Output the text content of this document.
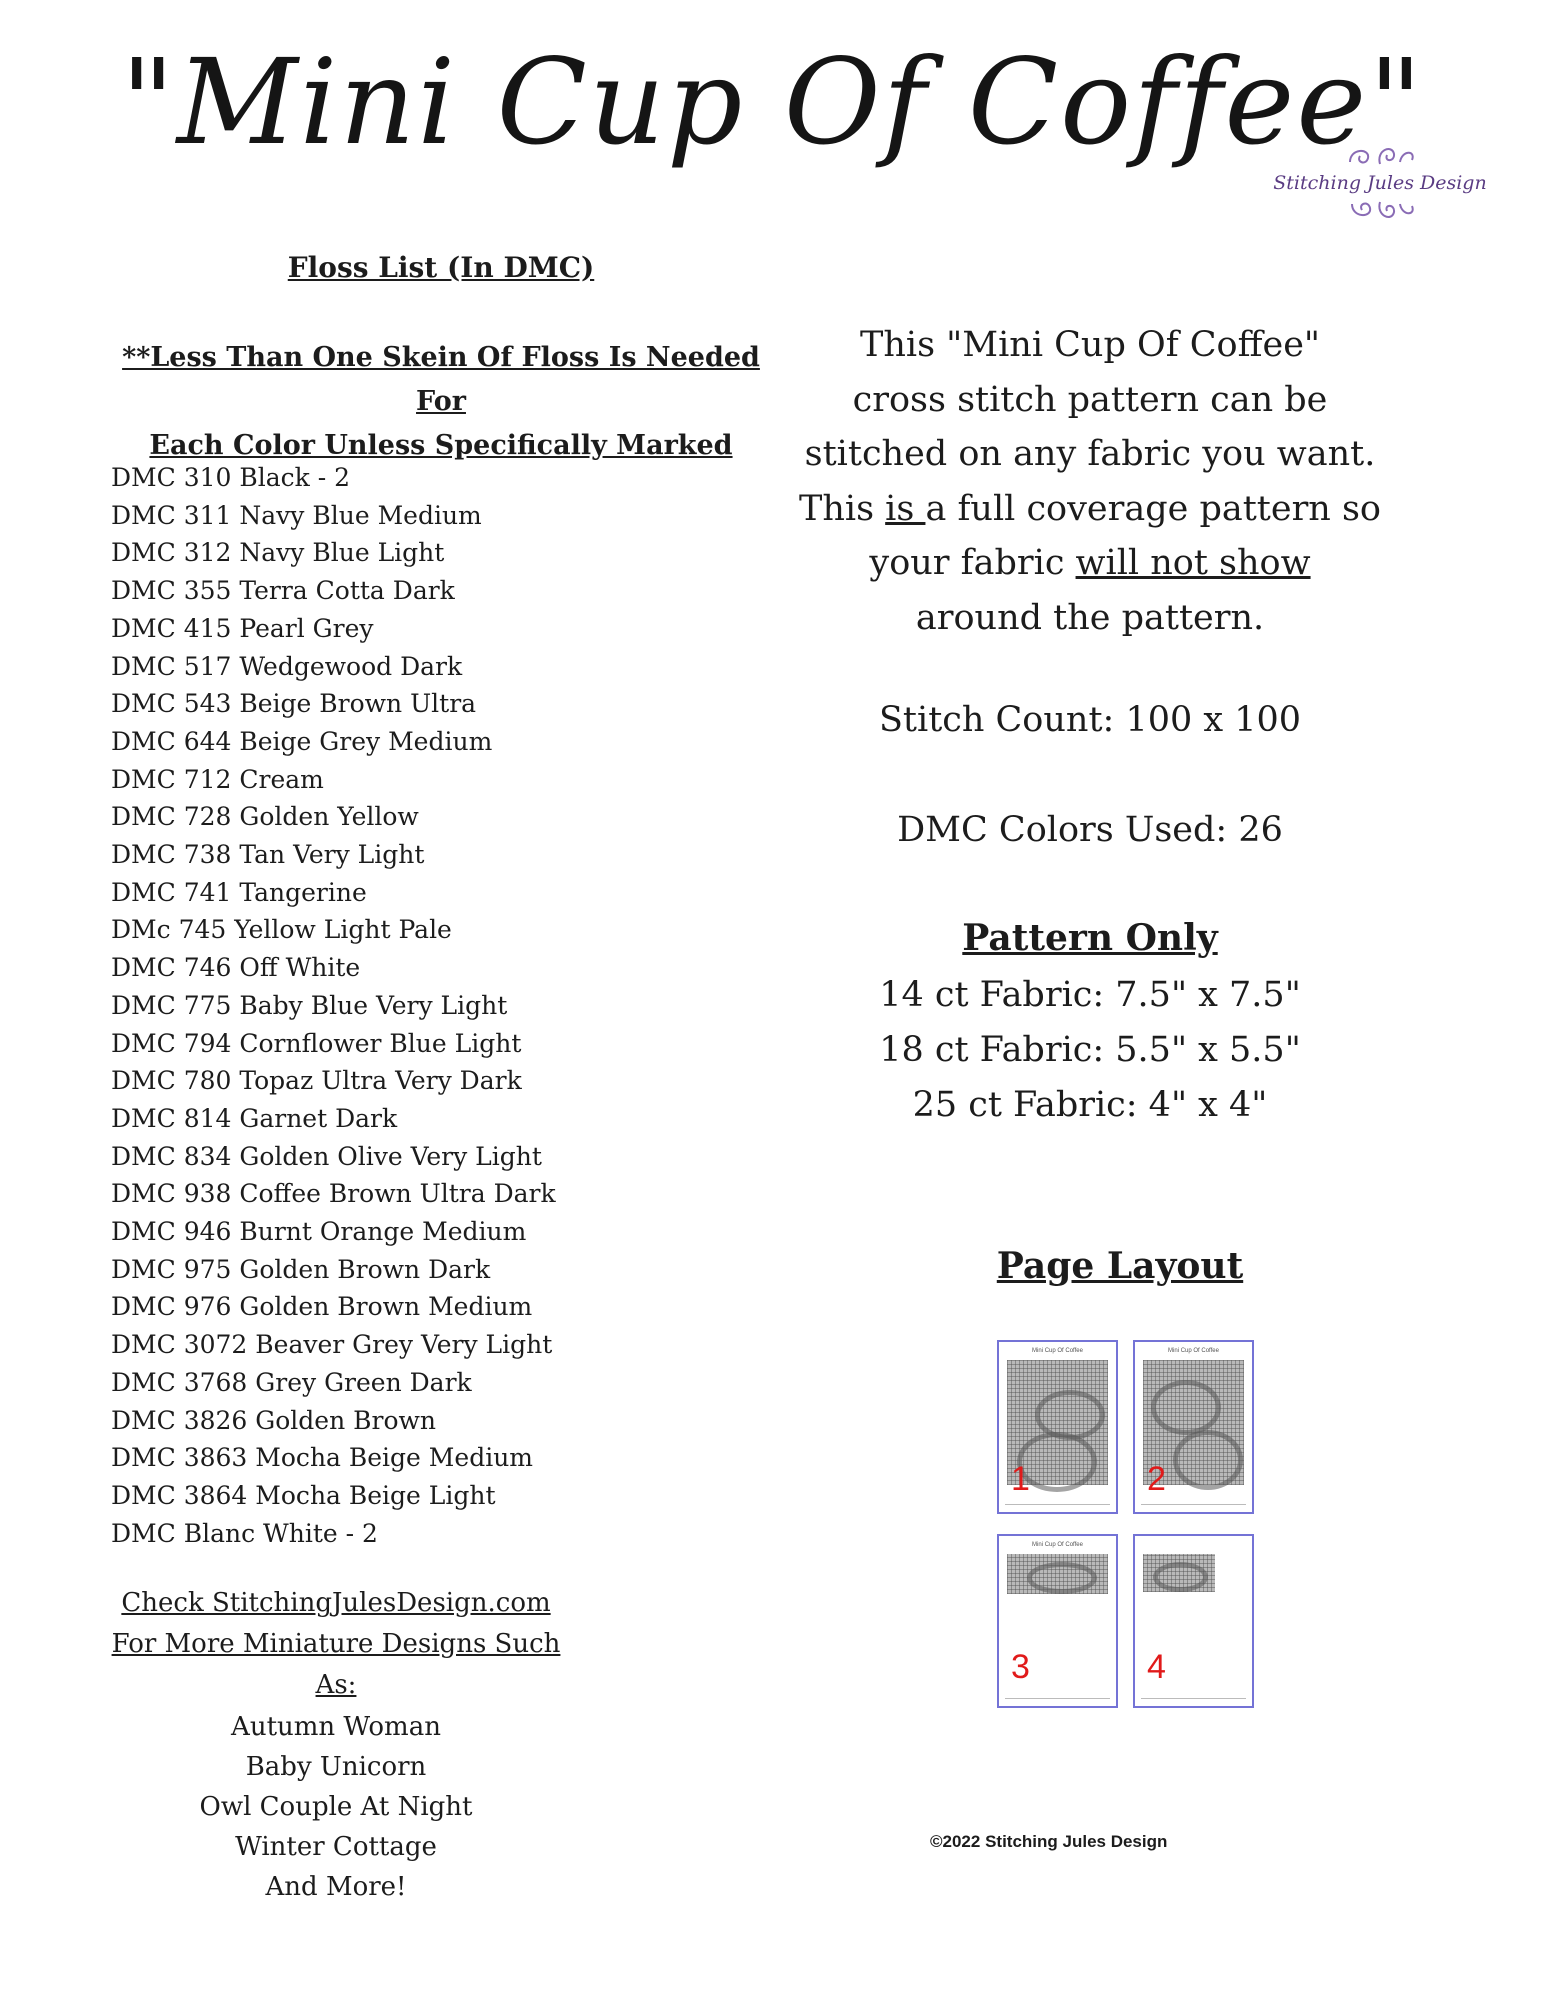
"Mini Cup Of Coffee"
Stitching Jules Design
Floss List (In DMC)
**Less Than One Skein Of Floss Is Needed For
Each Color Unless Specifically Marked
DMC 310 Black - 2
DMC 311 Navy Blue Medium
DMC 312 Navy Blue Light
DMC 355 Terra Cotta Dark
DMC 415 Pearl Grey
DMC 517 Wedgewood Dark
DMC 543 Beige Brown Ultra
DMC 644 Beige Grey Medium
DMC 712 Cream
DMC 728 Golden Yellow
DMC 738 Tan Very Light
DMC 741 Tangerine
DMc 745 Yellow Light Pale
DMC 746 Off White
DMC 775 Baby Blue Very Light
DMC 794 Cornflower Blue Light
DMC 780 Topaz Ultra Very Dark
DMC 814 Garnet Dark
DMC 834 Golden Olive Very Light
DMC 938 Coffee Brown Ultra Dark
DMC 946 Burnt Orange Medium
DMC 975 Golden Brown Dark
DMC 976 Golden Brown Medium
DMC 3072 Beaver Grey Very Light
DMC 3768 Grey Green Dark
DMC 3826 Golden Brown
DMC 3863 Mocha Beige Medium
DMC 3864 Mocha Beige Light
DMC Blanc White - 2
Check StitchingJulesDesign.com
For More Miniature Designs Such As:
Autumn Woman
Baby Unicorn
Owl Couple At Night
Winter Cottage
And More!
This "Mini Cup Of Coffee"
cross stitch pattern can be
stitched on any fabric you want.
This is a full coverage pattern so
your fabric will not show
around the pattern.
Stitch Count: 100 x 100
DMC Colors Used: 26
Pattern Only
14 ct Fabric: 7.5" x 7.5"
18 ct Fabric: 5.5" x 5.5"
25 ct Fabric: 4" x 4"
Page Layout
Mini Cup Of Coffee
1
Mini Cup Of Coffee
2
Mini Cup Of Coffee
3	4
©2022 Stitching Jules Design
